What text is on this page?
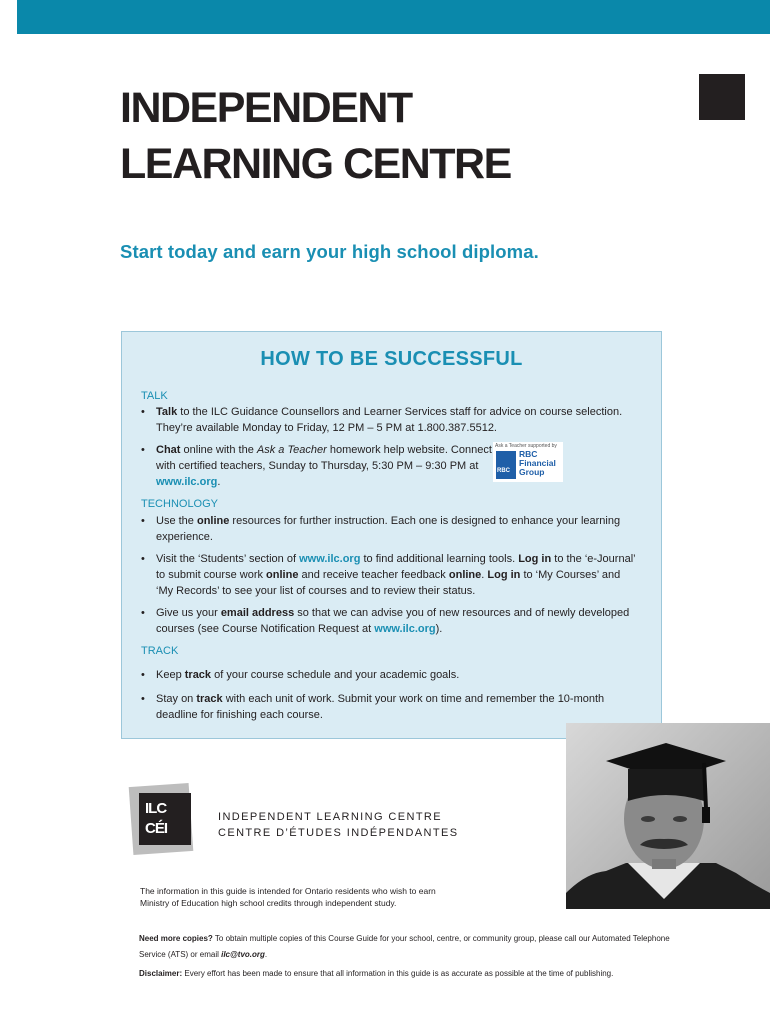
INDEPENDENT
LEARNING CENTRE
Start today and earn your high school diploma.
HOW TO BE SUCCESSFUL
TALK
•	Talk to the ILC Guidance Counsellors and Learner Services staff for advice on course selection. They’re available Monday to Friday, 12 PM – 5 PM at 1.800.387.5512.
•	Chat online with the Ask a Teacher homework help website. Connect with certified teachers, Sunday to Thursday, 5:30 PM – 9:30 PM at www.ilc.org.
Ask a Teacher supported by
RBC
RBC
Financial
Group
TECHNOLOGY
•	Use the online resources for further instruction. Each one is designed to enhance your learning experience.
•	Visit the ‘Students’ section of www.ilc.org to find additional learning tools. Log in to the ‘e-Journal’ to submit course work online and receive teacher feedback online. Log in to ‘My Courses’ and ‘My Records’ to see your list of courses and to review their status.
•	Give us your email address so that we can advise you of new resources and of newly developed courses (see Course Notification Request at www.ilc.org).
TRACK
•	Keep track of your course schedule and your academic goals.
•	Stay on track with each unit of work. Submit your work on time and remember the 10-month deadline for finishing each course.
ILC
CÉI
INDEPENDENT LEARNING CENTRE
CENTRE D’ÉTUDES INDÉPENDANTES
The information in this guide is intended for Ontario residents who wish to earn Ministry of Education high school credits through independent study.
Need more copies? To obtain multiple copies of this Course Guide for your school, centre, or community group, please call our Automated Telephone Service (ATS) or email ilc@tvo.org.
Disclaimer: Every effort has been made to ensure that all information in this guide is as accurate as possible at the time of publishing.
